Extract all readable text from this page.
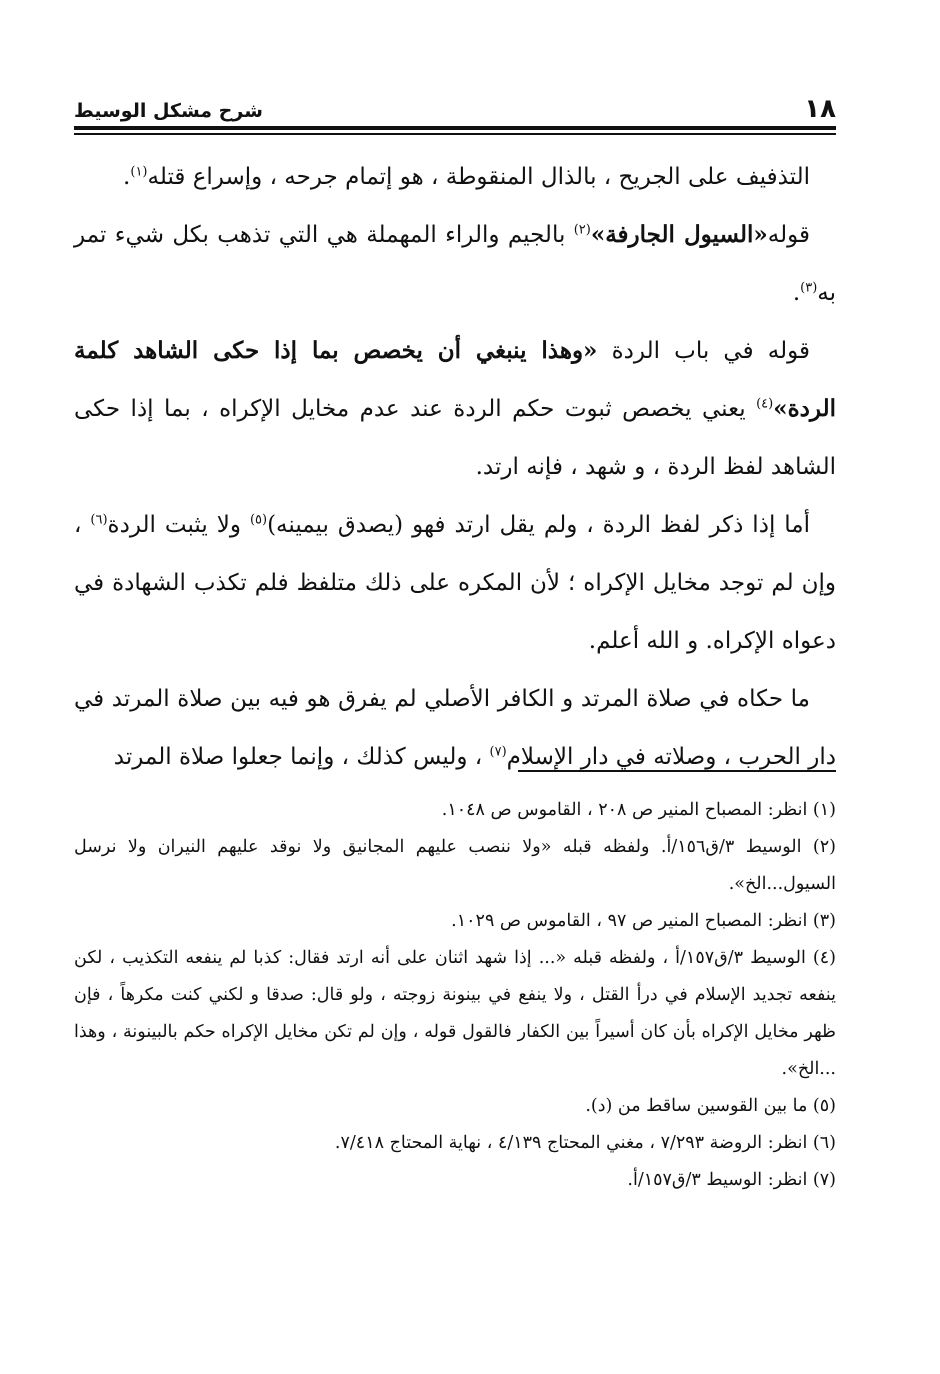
١٨
شرح مشكل الوسيط

التذفيف على الجريح ، بالذال المنقوطة ، هو إتمام جرحه ، وإسراع قتله$^{(١)}$.

قوله«السيول الجارفة»$^{(٢)}$ بالجيم والراء المهملة هي التي تذهب بكل شيء تمر به$^{(٣)}$.

قوله في باب الردة «وهذا ينبغي أن يخصص بما إذا حكى الشاهد كلمة الردة»$^{(٤)}$ يعني يخصص ثبوت حكم الردة عند عدم مخايل الإكراه ، بما إذا حكى الشاهد لفظ الردة ، و شهد ، فإنه ارتد.

أما إذا ذكر لفظ الردة ، ولم يقل ارتد فهو (يصدق بيمينه)$^{(٥)}$ ولا يثبت الردة$^{(٦)}$ ، وإن لم توجد مخايل الإكراه ؛ لأن المكره على ذلك متلفظ فلم تكذب الشهادة في دعواه الإكراه. و الله أعلم.

ما حكاه في صلاة المرتد و الكافر الأصلي لم يفرق هو فيه بين صلاة المرتد في دار الحرب ، وصلاته في دار الإسلام$^{(٧)}$ ، وليس كذلك ، وإنما جعلوا صلاة المرتد

(١) انظر: المصباح المنير ص ٢٠٨ ، القاموس ص ١٠٤٨.

(٢) الوسيط ٣/ق١٥٦/أ. ولفظه قبله «ولا ننصب عليهم المجانيق ولا نوقد عليهم النيران ولا نرسل السيول...الخ».

(٣) انظر: المصباح المنير ص ٩٧ ، القاموس ص ١٠٢٩.

(٤) الوسيط ٣/ق١٥٧/أ ، ولفظه قبله «... إذا شهد اثنان على أنه ارتد فقال: كذبا لم ينفعه التكذيب ، لكن ينفعه تجديد الإسلام في درأ القتل ، ولا ينفع في بينونة زوجته ، ولو قال: صدقا و لكني كنت مكرهاً ، فإن ظهر مخايل الإكراه بأن كان أسيراً بين الكفار فالقول قوله ، وإن لم تكن مخايل الإكراه حكم بالبينونة ، وهذا ...الخ».

(٥) ما بين القوسين ساقط من (د).

(٦) انظر: الروضة ٧/٢٩٣ ، مغني المحتاج ٤/١٣٩ ، نهاية المحتاج ٧/٤١٨.

(٧) انظر: الوسيط ٣/ق١٥٧/أ.
